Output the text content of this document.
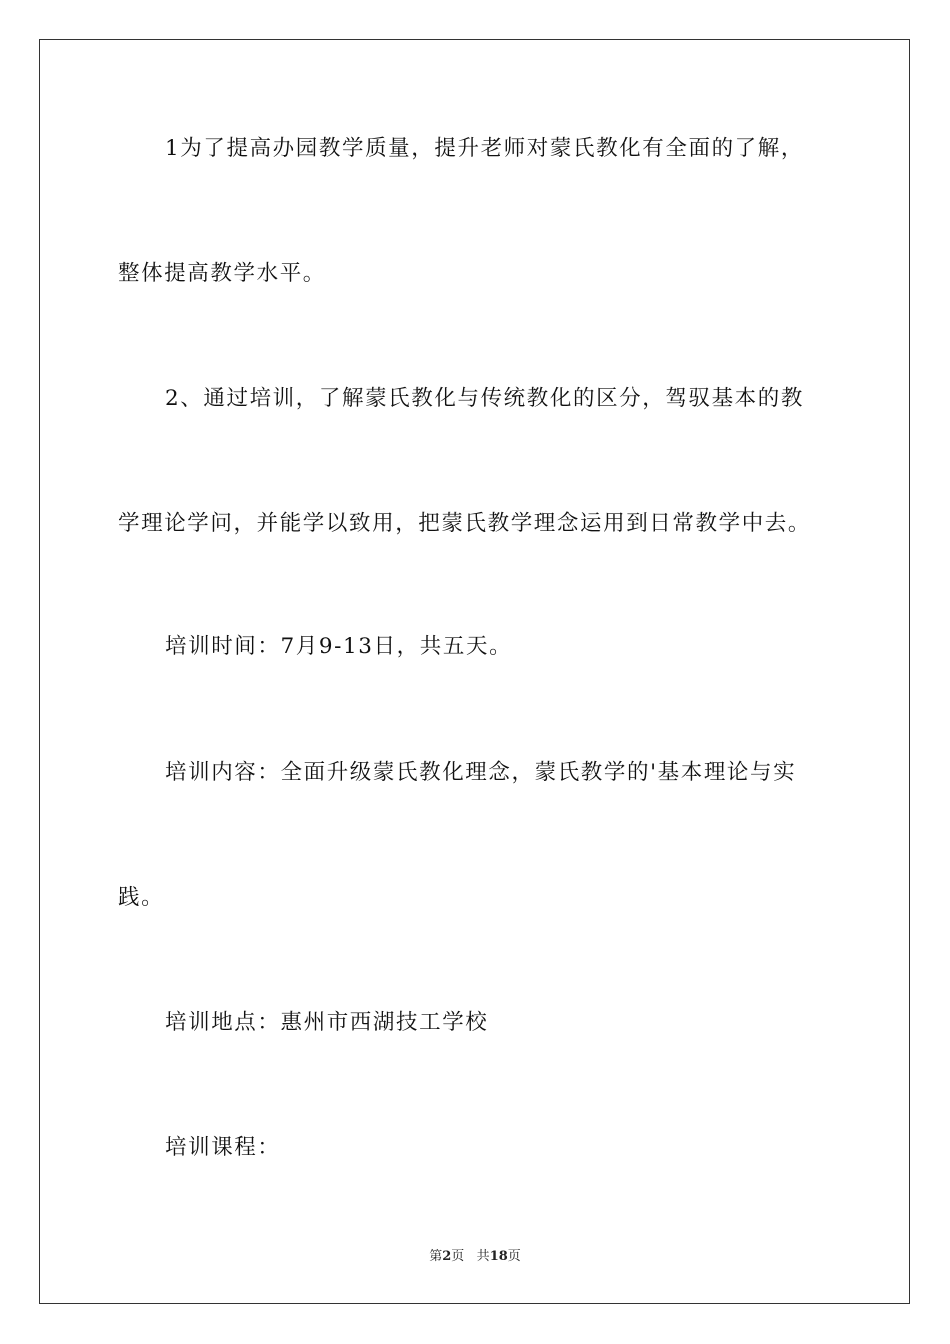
1为了提高办园教学质量，提升老师对蒙氏教化有全面的了解，
整体提高教学水平。
2、通过培训，了解蒙氏教化与传统教化的区分，驾驭基本的教
学理论学问，并能学以致用，把蒙氏教学理念运用到日常教学中去。
培训时间：7月9-13日，共五天。
培训内容：全面升级蒙氏教化理念，蒙氏教学的'基本理论与实
践。
培训地点：惠州市西湖技工学校
培训课程：
第2页 共18页
